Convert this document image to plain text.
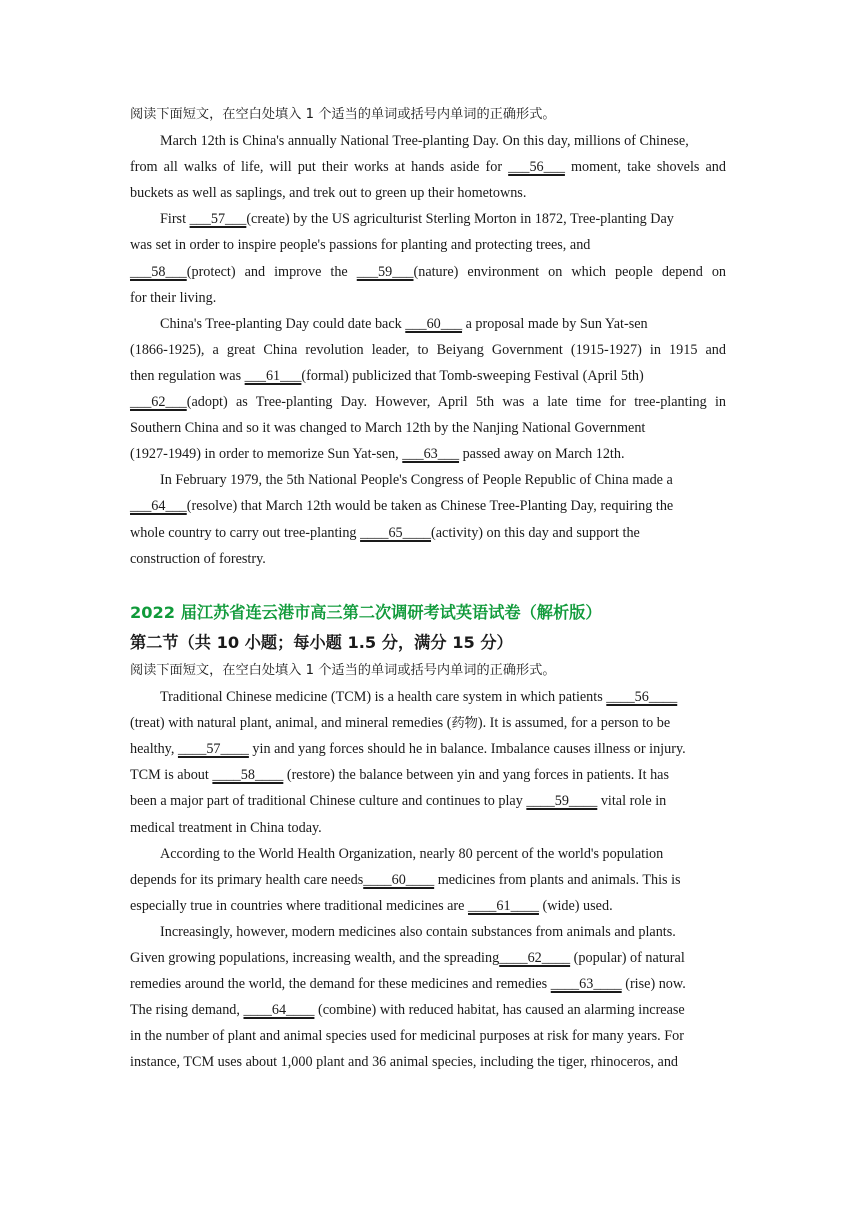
阅读下面短文，在空白处填入 1 个适当的单词或括号内单词的正确形式。
March 12th is China's annually National Tree-planting Day. On this day, millions of Chinese,
from all walks of life, will put their works at hands aside for ___56___ moment, take shovels and
buckets as well as saplings, and trek out to green up their hometowns.
First ___57___(create) by the US agriculturist Sterling Morton in 1872, Tree-planting Day
was set in order to inspire people's passions for planting and protecting trees, and
___58___(protect) and improve the ___59___(nature) environment on which people depend on
for their living.
China's Tree-planting Day could date back ___60___ a proposal made by Sun Yat-sen
(1866-1925), a great China revolution leader, to Beiyang Government (1915-1927) in 1915 and
then regulation was ___61___(formal) publicized that Tomb-sweeping Festival (April 5th)
___62___(adopt) as Tree-planting Day. However, April 5th was a late time for tree-planting in
Southern China and so it was changed to March 12th by the Nanjing National Government
(1927-1949) in order to memorize Sun Yat-sen, ___63___ passed away on March 12th.
In February 1979, the 5th National People's Congress of People Republic of China made a
___64___(resolve) that March 12th would be taken as Chinese Tree-Planting Day, requiring the
whole country to carry out tree-planting ____65____(activity) on this day and support the
construction of forestry.
2022 届江苏省连云港市高三第二次调研考试英语试卷（解析版）
第二节（共 10 小题；每小题 1.5 分，满分 15 分）
阅读下面短文，在空白处填入 1 个适当的单词或括号内单词的正确形式。
Traditional Chinese medicine (TCM) is a health care system in which patients ____56____
(treat) with natural plant, animal, and mineral remedies (药物). It is assumed, for a person to be
healthy, ____57____ yin and yang forces should he in balance. Imbalance causes illness or injury.
TCM is about ____58____ (restore) the balance between yin and yang forces in patients. It has
been a major part of traditional Chinese culture and continues to play ____59____ vital role in
medical treatment in China today.
According to the World Health Organization, nearly 80 percent of the world's population
depends for its primary health care needs____60____ medicines from plants and animals. This is
especially true in countries where traditional medicines are ____61____ (wide) used.
Increasingly, however, modern medicines also contain substances from animals and plants.
Given growing populations, increasing wealth, and the spreading____62____ (popular) of natural
remedies around the world, the demand for these medicines and remedies ____63____ (rise) now.
The rising demand, ____64____ (combine) with reduced habitat, has caused an alarming increase
in the number of plant and animal species used for medicinal purposes at risk for many years. For
instance, TCM uses about 1,000 plant and 36 animal species, including the tiger, rhinoceros, and
